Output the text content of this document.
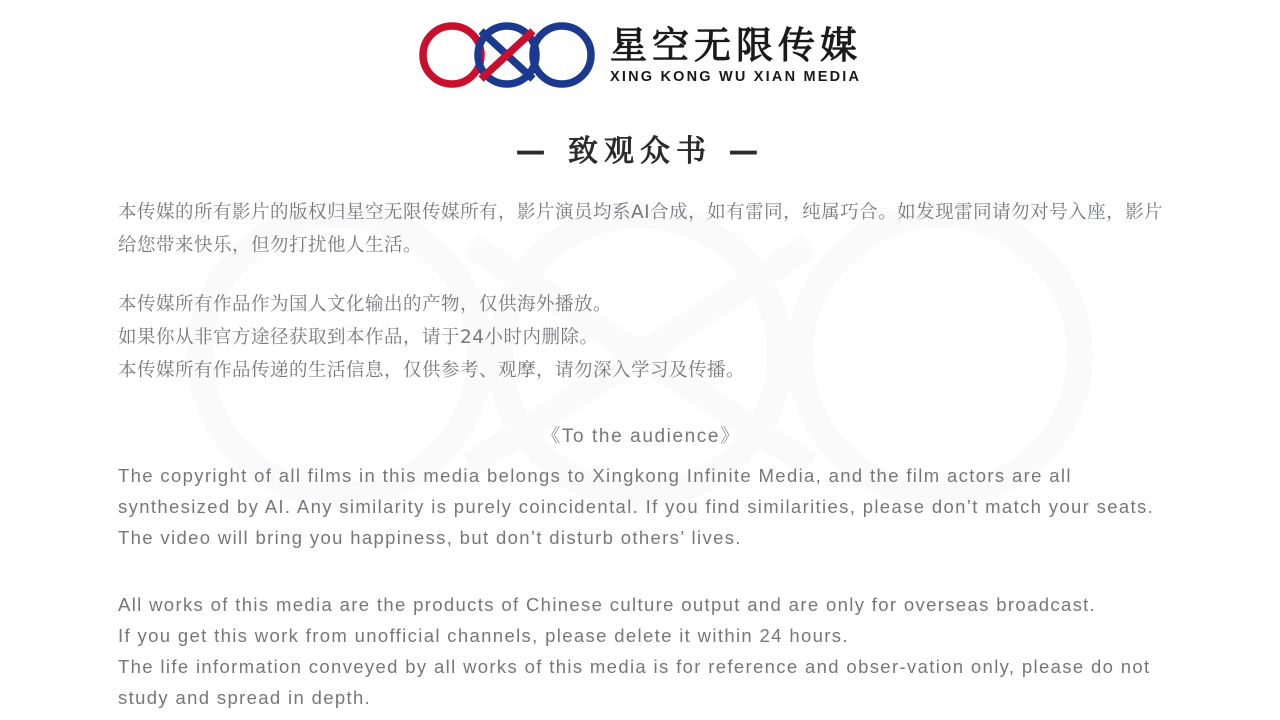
星空无限传媒
XING KONG WU XIAN MEDIA
— 致观众书 —

本传媒的所有影片的版权归星空无限传媒所有，影片演员均系AI合成，如有雷同，纯属巧合。如发现雷同请勿对号入座，影片给您带来快乐，但勿打扰他人生活。

本传媒所有作品作为国人文化输出的产物，仅供海外播放。

如果你从非官方途径获取到本作品，请于24小时内删除。

本传媒所有作品传递的生活信息，仅供参考、观摩，请勿深入学习及传播。

《To the audience》

The copyright of all films in this media belongs to Xingkong Infinite Media, and the film actors are all synthesized by AI. Any similarity is purely coincidental. If you find similarities, please don’t match your seats. The video will bring you happiness, but don’t disturb others’ lives.

All works of this media are the products of Chinese culture output and are only for overseas broadcast.

If you get this work from unofficial channels, please delete it within 24 hours.

The life information conveyed by all works of this media is for reference and obser-vation only, please do not study and spread in depth.
